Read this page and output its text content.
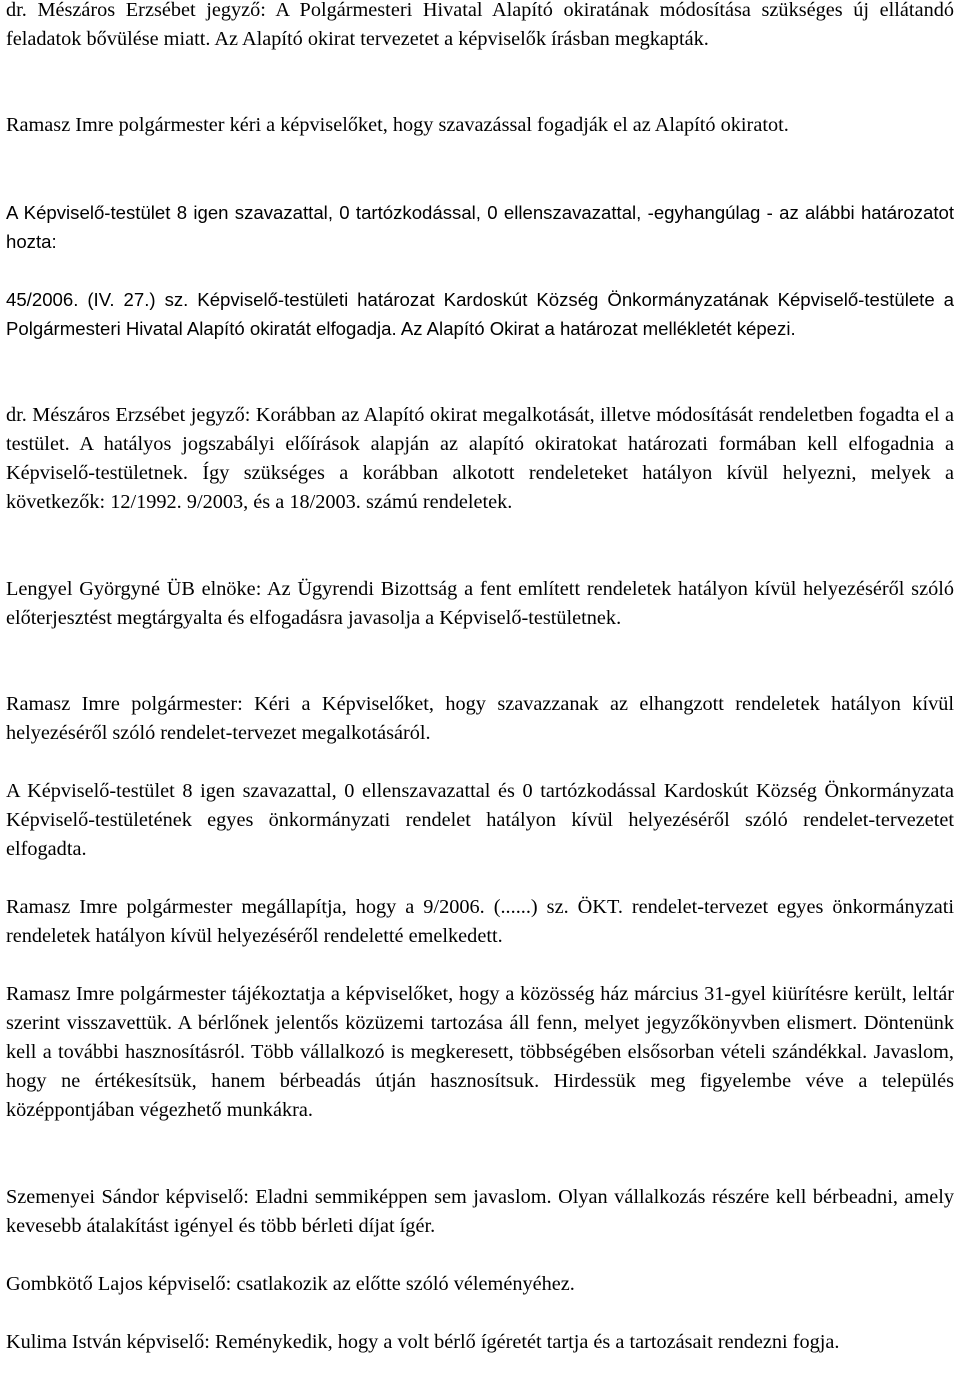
dr. Mészáros Erzsébet jegyző: A Polgármesteri Hivatal Alapító okiratának módosítása szükséges új ellátandó feladatok bővülése miatt. Az Alapító okirat tervezetet a képviselők írásban megkapták.

Ramasz Imre polgármester kéri a képviselőket, hogy szavazással fogadják el az Alapító okiratot.

A Képviselő-testület 8 igen szavazattal, 0 tartózkodással, 0 ellenszavazattal, -egyhangúlag - az alábbi határozatot hozta:

45/2006. (IV. 27.) sz. Képviselő-testületi határozat Kardoskút Község Önkormányzatának Képviselő-testülete a Polgármesteri Hivatal Alapító okiratát elfogadja. Az Alapító Okirat a határozat mellékletét képezi.

dr. Mészáros Erzsébet jegyző: Korábban az Alapító okirat megalkotását, illetve módosítását rendeletben fogadta el a testület. A hatályos jogszabályi előírások alapján az alapító okiratokat határozati formában kell elfogadnia a Képviselő-testületnek. Így szükséges a korábban alkotott rendeleteket hatályon kívül helyezni, melyek a következők: 12/1992. 9/2003, és a 18/2003. számú rendeletek.

Lengyel Györgyné ÜB elnöke: Az Ügyrendi Bizottság a fent említett rendeletek hatályon kívül helyezéséről szóló előterjesztést megtárgyalta és elfogadásra javasolja a Képviselő-testületnek.

Ramasz Imre polgármester: Kéri a Képviselőket, hogy szavazzanak az elhangzott rendeletek hatályon kívül helyezéséről szóló rendelet-tervezet megalkotásáról.

A Képviselő-testület 8 igen szavazattal, 0 ellenszavazattal és 0 tartózkodással Kardoskút Község Önkormányzata Képviselő-testületének egyes önkormányzati rendelet hatályon kívül helyezéséről szóló rendelet-tervezetet elfogadta.

Ramasz Imre polgármester megállapítja, hogy a 9/2006. (......) sz. ÖKT. rendelet-tervezet egyes önkormányzati rendeletek hatályon kívül helyezéséről rendeletté emelkedett.

Ramasz Imre polgármester tájékoztatja a képviselőket, hogy a közösség ház március 31-gyel kiürítésre került, leltár szerint visszavettük. A bérlőnek jelentős közüzemi tartozása áll fenn, melyet jegyzőkönyvben elismert. Döntenünk kell a további hasznosításról. Több vállalkozó is megkeresett, többségében elsősorban vételi szándékkal. Javaslom, hogy ne értékesítsük, hanem bérbeadás útján hasznosítsuk. Hirdessük meg figyelembe véve a település középpontjában végezhető munkákra.

Szemenyei Sándor képviselő: Eladni semmiképpen sem javaslom. Olyan vállalkozás részére kell bérbeadni, amely kevesebb átalakítást igényel és több bérleti díjat ígér.

Gombkötő Lajos képviselő: csatlakozik az előtte szóló véleményéhez.

Kulima István képviselő: Reménykedik, hogy a volt bérlő ígéretét tartja és a tartozásait rendezni fogja.
